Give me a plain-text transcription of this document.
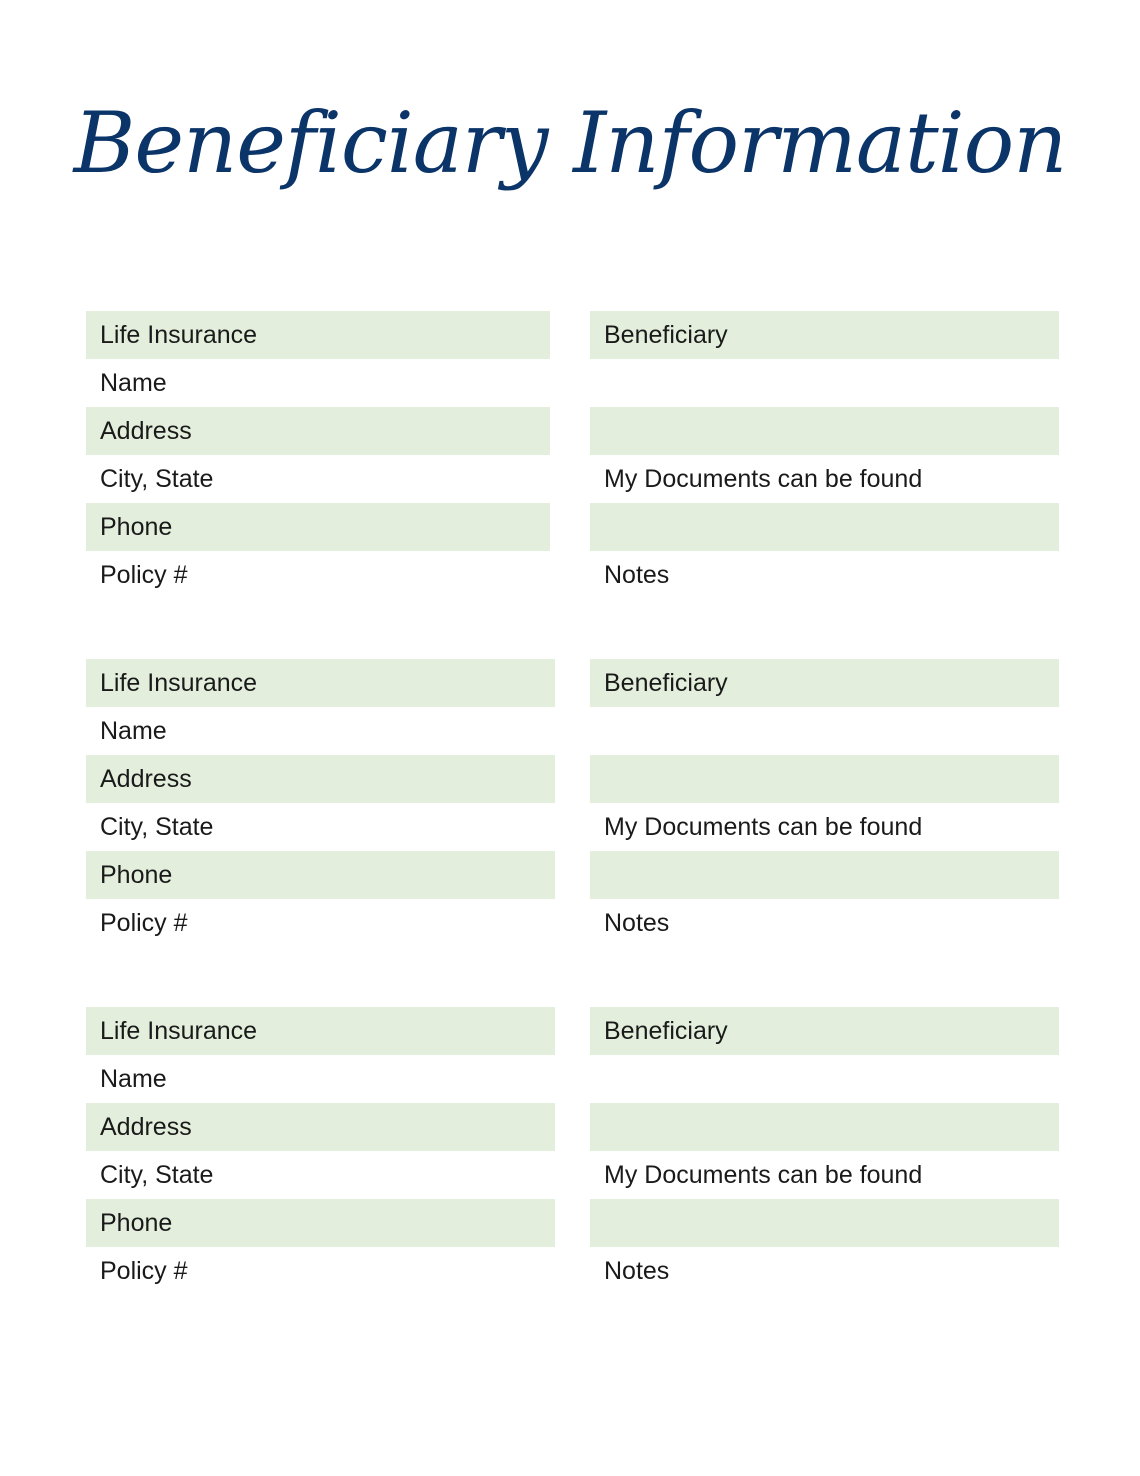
Beneficiary Information
Life Insurance
Name
Address
City, State
Phone
Policy #
Beneficiary
My Documents can be found
Notes
Life Insurance
Name
Address
City, State
Phone
Policy #
Beneficiary
My Documents can be found
Notes
Life Insurance
Name
Address
City, State
Phone
Policy #
Beneficiary
My Documents can be found
Notes
